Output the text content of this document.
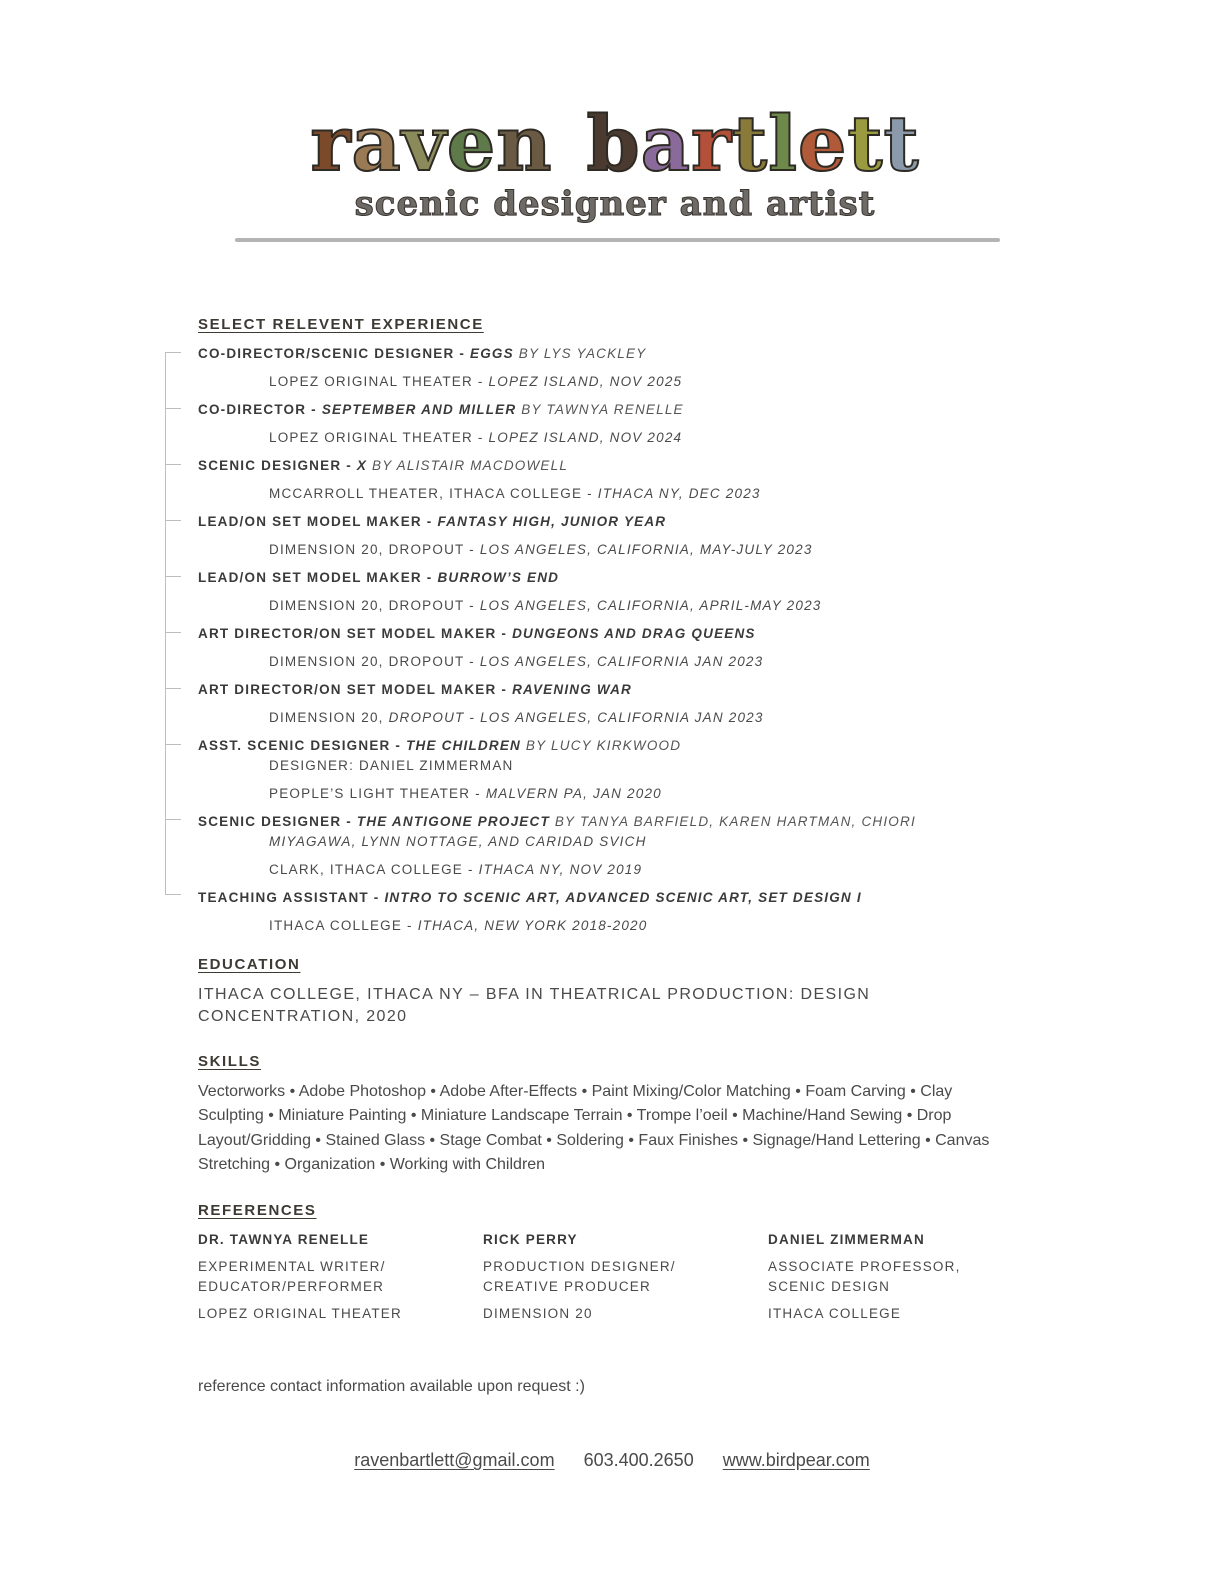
raven bartlett
scenic designer and artist
SELECT RELEVENT EXPERIENCE
CO-DIRECTOR/SCENIC DESIGNER - EGGS BY LYS YACKLEY
LOPEZ ORIGINAL THEATER - LOPEZ ISLAND, NOV 2025
CO-DIRECTOR - SEPTEMBER AND MILLER BY TAWNYA RENELLE
LOPEZ ORIGINAL THEATER - LOPEZ ISLAND, NOV 2024
SCENIC DESIGNER - X BY ALISTAIR MACDOWELL
MCCARROLL THEATER, ITHACA COLLEGE - ITHACA NY, DEC 2023
LEAD/ON SET MODEL MAKER - FANTASY HIGH, JUNIOR YEAR
DIMENSION 20, DROPOUT - LOS ANGELES, CALIFORNIA, MAY-JULY 2023
LEAD/ON SET MODEL MAKER - BURROW’S END
DIMENSION 20, DROPOUT - LOS ANGELES, CALIFORNIA, APRIL-MAY 2023
ART DIRECTOR/ON SET MODEL MAKER - DUNGEONS AND DRAG QUEENS
DIMENSION 20, DROPOUT - LOS ANGELES, CALIFORNIA JAN 2023
ART DIRECTOR/ON SET MODEL MAKER - RAVENING WAR
DIMENSION 20, DROPOUT - LOS ANGELES, CALIFORNIA JAN 2023
ASST. SCENIC DESIGNER - THE CHILDREN BY LUCY KIRKWOOD
DESIGNER: DANIEL ZIMMERMAN
PEOPLE’S LIGHT THEATER - MALVERN PA, JAN 2020
SCENIC DESIGNER - THE ANTIGONE PROJECT BY TANYA BARFIELD, KAREN HARTMAN, CHIORI
MIYAGAWA, LYNN NOTTAGE, AND CARIDAD SVICH
CLARK, ITHACA COLLEGE - ITHACA NY, NOV 2019
TEACHING ASSISTANT - INTRO TO SCENIC ART, ADVANCED SCENIC ART, SET DESIGN I
ITHACA COLLEGE - ITHACA, NEW YORK 2018-2020
EDUCATION
ITHACA COLLEGE, ITHACA NY – BFA IN THEATRICAL PRODUCTION: DESIGN CONCENTRATION, 2020
SKILLS
Vectorworks • Adobe Photoshop • Adobe After-Effects • Paint Mixing/Color Matching • Foam Carving • Clay Sculpting • Miniature Painting • Miniature Landscape Terrain • Trompe l’oeil • Machine/Hand Sewing • Drop Layout/Gridding • Stained Glass • Stage Combat • Soldering • Faux Finishes • Signage/Hand Lettering • Canvas Stretching • Organization • Working with Children
REFERENCES
DR. TAWNYA RENELLE
EXPERIMENTAL WRITER/
EDUCATOR/PERFORMER
LOPEZ ORIGINAL THEATER
RICK PERRY
PRODUCTION DESIGNER/
CREATIVE PRODUCER
DIMENSION 20
DANIEL ZIMMERMAN
ASSOCIATE PROFESSOR,
SCENIC DESIGN
ITHACA COLLEGE
reference contact information available upon request :)
ravenbartlett@gmail.com 603.400.2650 www.birdpear.com
